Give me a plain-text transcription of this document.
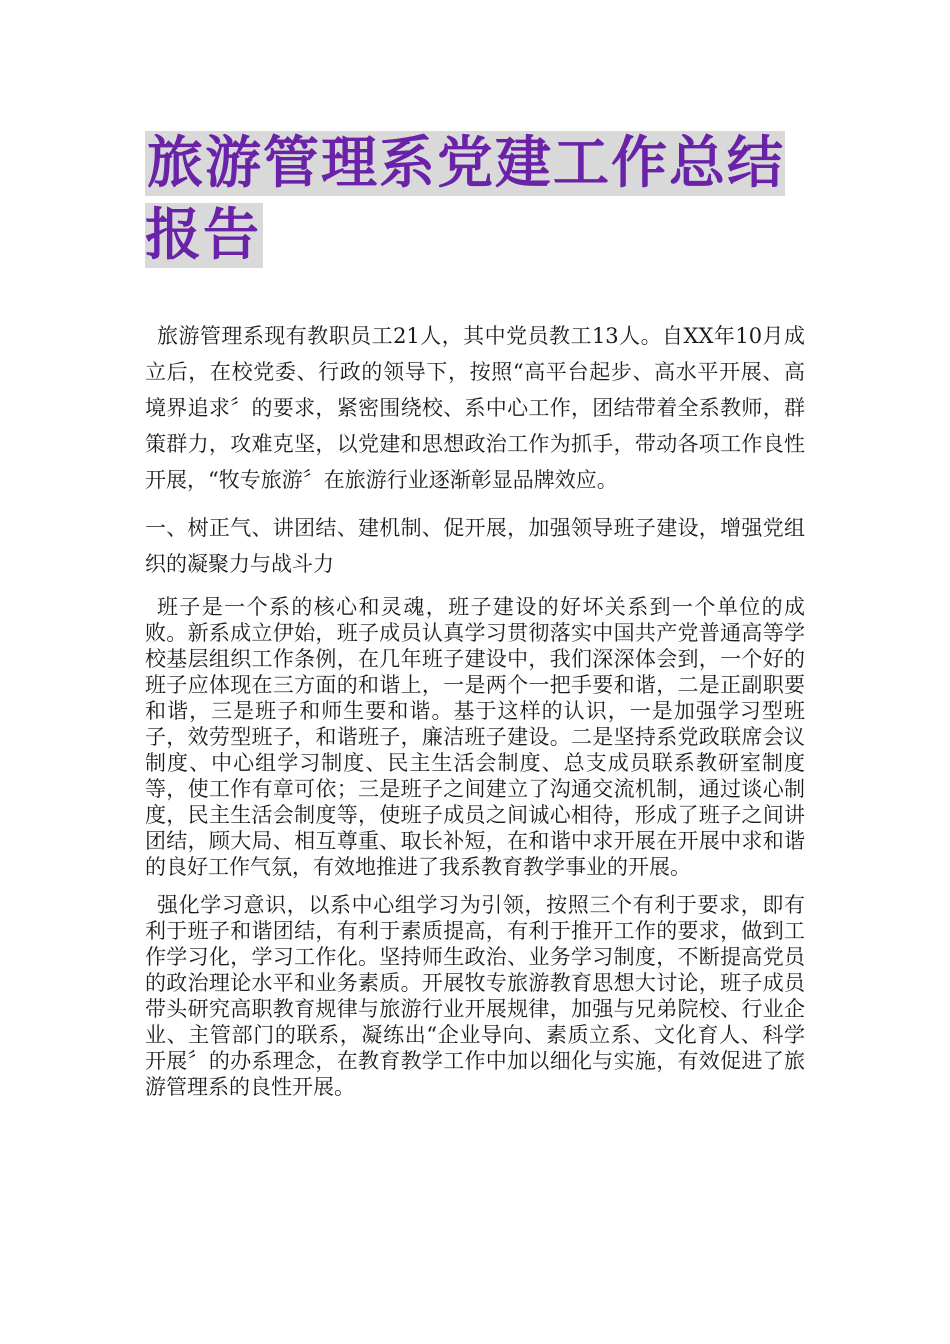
旅游管理系党建工作总结报告

旅游管理系现有教职员工21人，其中党员教工13人。自XX年10月成立后，在校党委、行政的领导下，按照“高平台起步、高水平开展、高境界追求〞的要求，紧密围绕校、系中心工作，团结带着全系教师，群策群力，攻难克坚，以党建和思想政治工作为抓手，带动各项工作良性开展，“牧专旅游〞在旅游行业逐渐彰显品牌效应。

一、树正气、讲团结、建机制、促开展，加强领导班子建设，增强党组织的凝聚力与战斗力

班子是一个系的核心和灵魂，班子建设的好坏关系到一个单位的成败。新系成立伊始，班子成员认真学习贯彻落实中国共产党普通高等学校基层组织工作条例，在几年班子建设中，我们深深体会到，一个好的班子应体现在三方面的和谐上，一是两个一把手要和谐，二是正副职要和谐，三是班子和师生要和谐。基于这样的认识，一是加强学习型班子，效劳型班子，和谐班子，廉洁班子建设。二是坚持系党政联席会议制度、中心组学习制度、民主生活会制度、总支成员联系教研室制度等，使工作有章可依；三是班子之间建立了沟通交流机制，通过谈心制度，民主生活会制度等，使班子成员之间诚心相待，形成了班子之间讲团结，顾大局、相互尊重、取长补短，在和谐中求开展在开展中求和谐的良好工作气氛，有效地推进了我系教育教学事业的开展。

强化学习意识，以系中心组学习为引领，按照三个有利于要求，即有利于班子和谐团结，有利于素质提高，有利于推开工作的要求，做到工作学习化，学习工作化。坚持师生政治、业务学习制度，不断提高党员的政治理论水平和业务素质。开展牧专旅游教育思想大讨论，班子成员带头研究高职教育规律与旅游行业开展规律，加强与兄弟院校、行业企业、主管部门的联系，凝练出“企业导向、素质立系、文化育人、科学开展〞的办系理念，在教育教学工作中加以细化与实施，有效促进了旅游管理系的良性开展。
